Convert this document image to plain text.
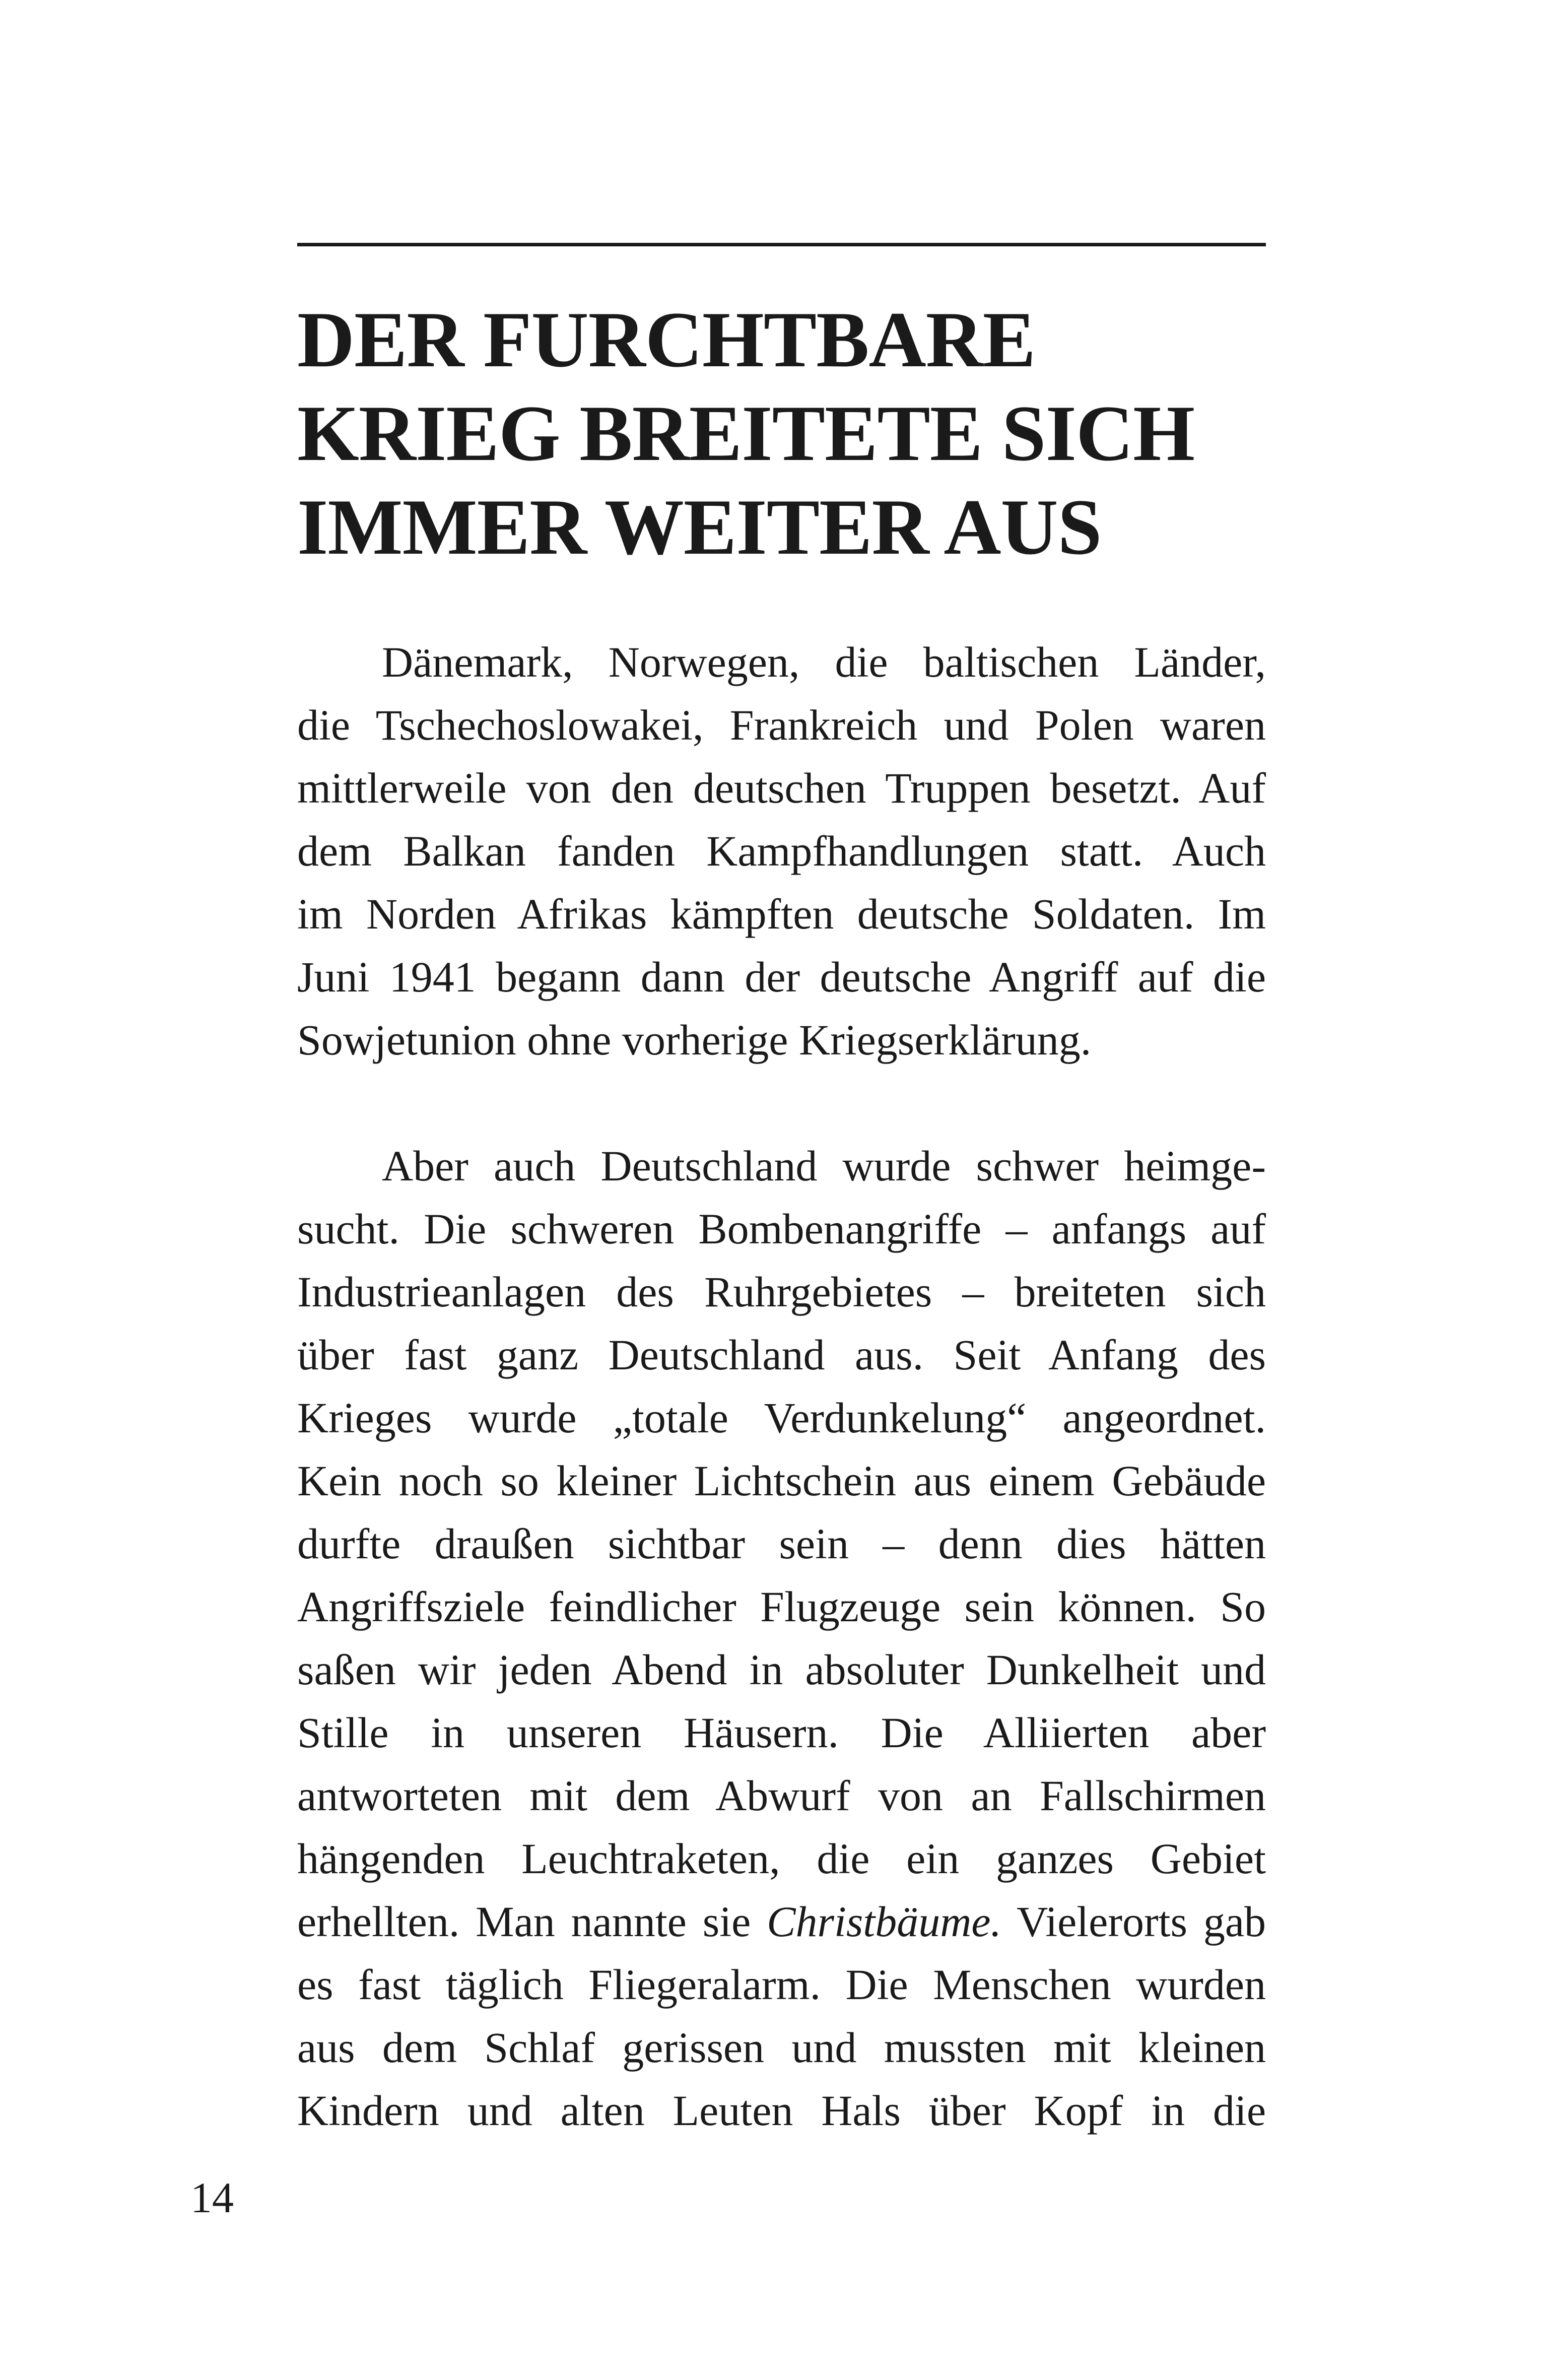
DER FURCHTBARE
KRIEG BREITETE SICH
IMMER WEITER AUS
Dänemark, Norwegen, die baltischen Länder,
die Tschechoslowakei, Frankreich und Polen waren
mittlerweile von den deutschen Truppen besetzt. Auf
dem Balkan fanden Kampfhandlungen statt. Auch
im Norden Afrikas kämpften deutsche Soldaten. Im
Juni 1941 begann dann der deutsche Angriff auf die
Sowjetunion ohne vorherige Kriegserklärung.
Aber auch Deutschland wurde schwer heimge-
sucht. Die schweren Bombenangriffe – anfangs auf
Industrieanlagen des Ruhrgebietes – breiteten sich
über fast ganz Deutschland aus. Seit Anfang des
Krieges wurde „totale Verdunkelung“ angeordnet.
Kein noch so kleiner Lichtschein aus einem Gebäude
durfte draußen sichtbar sein – denn dies hätten
Angriffsziele feindlicher Flugzeuge sein können. So
saßen wir jeden Abend in absoluter Dunkelheit und
Stille in unseren Häusern. Die Alliierten aber
antworteten mit dem Abwurf von an Fallschirmen
hängenden Leuchtraketen, die ein ganzes Gebiet
erhellten. Man nannte sie Christbäume. Vielerorts gab
es fast täglich Fliegeralarm. Die Menschen wurden
aus dem Schlaf gerissen und mussten mit kleinen
Kindern und alten Leuten Hals über Kopf in die
14
